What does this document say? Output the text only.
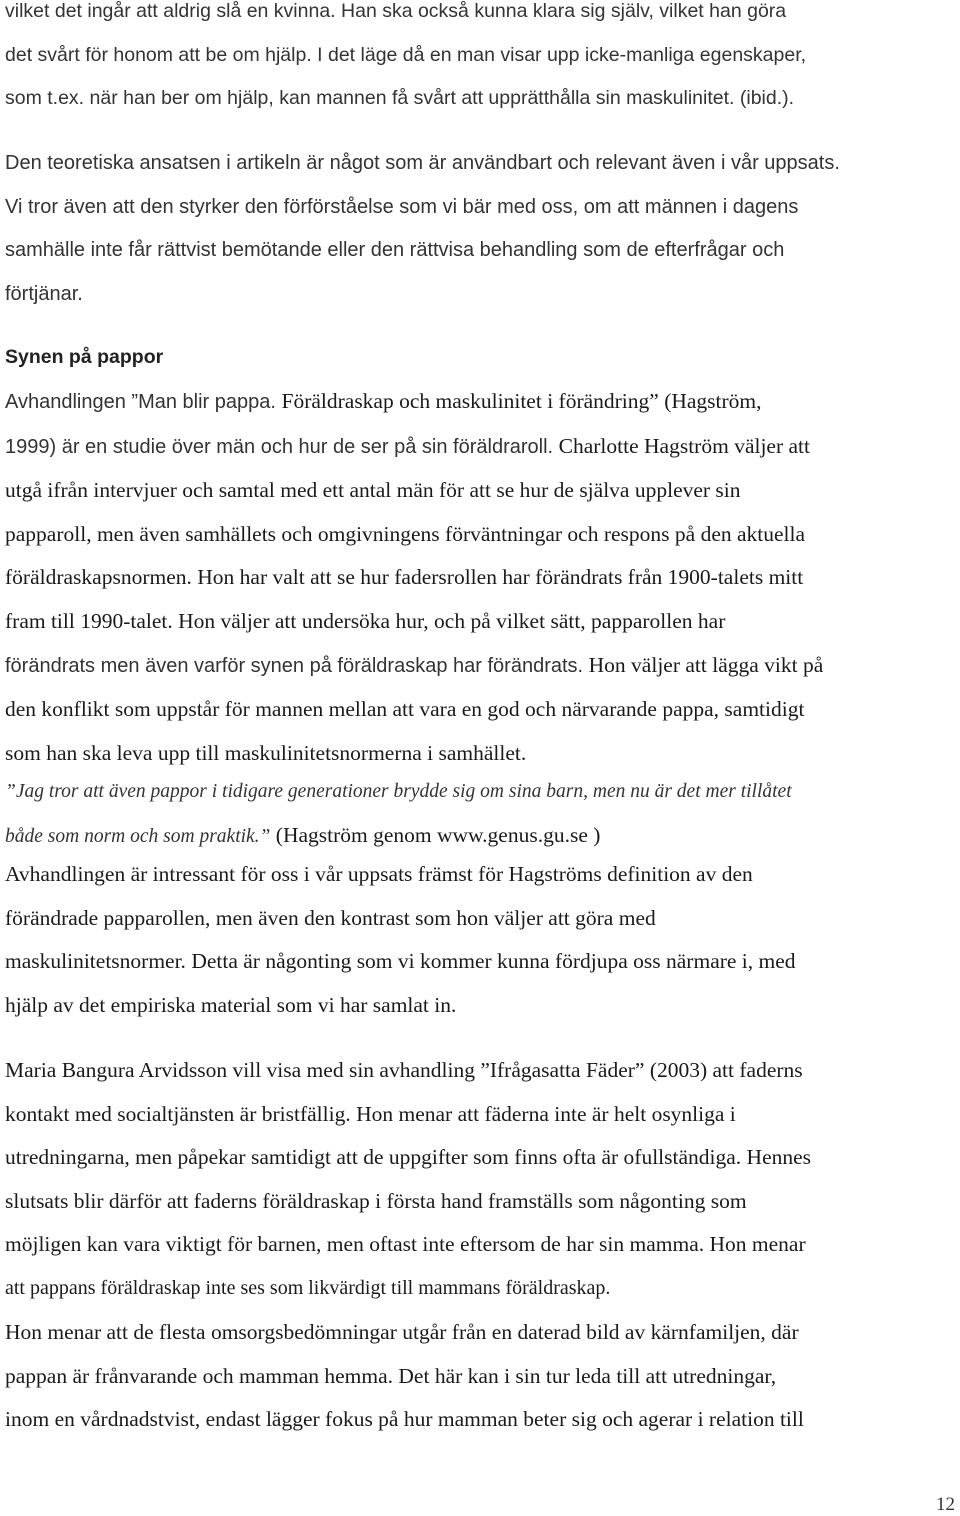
vilket det ingår att aldrig slå en kvinna. Han ska också kunna klara sig själv, vilket han göra
det svårt för honom att be om hjälp. I det läge då en man visar upp icke-manliga egenskaper,
som t.ex. när han ber om hjälp, kan mannen få svårt att upprätthålla sin maskulinitet. (ibid.).
Den teoretiska ansatsen i artikeln är något som är användbart och relevant även i vår uppsats.
Vi tror även att den styrker den förförståelse som vi bär med oss, om att männen i dagens
samhälle inte får rättvist bemötande eller den rättvisa behandling som de efterfrågar och
förtjänar.
Synen på pappor
Avhandlingen ”Man blir pappa. Föräldraskap och maskulinitet i förändring” (Hagström,
1999) är en studie över män och hur de ser på sin föräldraroll. Charlotte Hagström väljer att
utgå ifrån intervjuer och samtal med ett antal män för att se hur de själva upplever sin
papparoll, men även samhällets och omgivningens förväntningar och respons på den aktuella
föräldraskapsnormen. Hon har valt att se hur fadersrollen har förändrats från 1900-talets mitt
fram till 1990-talet. Hon väljer att undersöka hur, och på vilket sätt, papparollen har
förändrats men även varför synen på föräldraskap har förändrats. Hon väljer att lägga vikt på
den konflikt som uppstår för mannen mellan att vara en god och närvarande pappa, samtidigt
som han ska leva upp till maskulinitetsnormerna i samhället.
”Jag tror att även pappor i tidigare generationer brydde sig om sina barn, men nu är det mer tillåtet
både som norm och som praktik.” (Hagström genom www.genus.gu.se )
Avhandlingen är intressant för oss i vår uppsats främst för Hagströms definition av den
förändrade papparollen, men även den kontrast som hon väljer att göra med
maskulinitetsnormer. Detta är någonting som vi kommer kunna fördjupa oss närmare i, med
hjälp av det empiriska material som vi har samlat in.
Maria Bangura Arvidsson vill visa med sin avhandling ”Ifrågasatta Fäder” (2003) att faderns
kontakt med socialtjänsten är bristfällig. Hon menar att fäderna inte är helt osynliga i
utredningarna, men påpekar samtidigt att de uppgifter som finns ofta är ofullständiga. Hennes
slutsats blir därför att faderns föräldraskap i första hand framställs som någonting som
möjligen kan vara viktigt för barnen, men oftast inte eftersom de har sin mamma. Hon menar
att pappans föräldraskap inte ses som likvärdigt till mammans föräldraskap.
Hon menar att de flesta omsorgsbedömningar utgår från en daterad bild av kärnfamiljen, där
pappan är frånvarande och mamman hemma. Det här kan i sin tur leda till att utredningar,
inom en vårdnadstvist, endast lägger fokus på hur mamman beter sig och agerar i relation till
12
